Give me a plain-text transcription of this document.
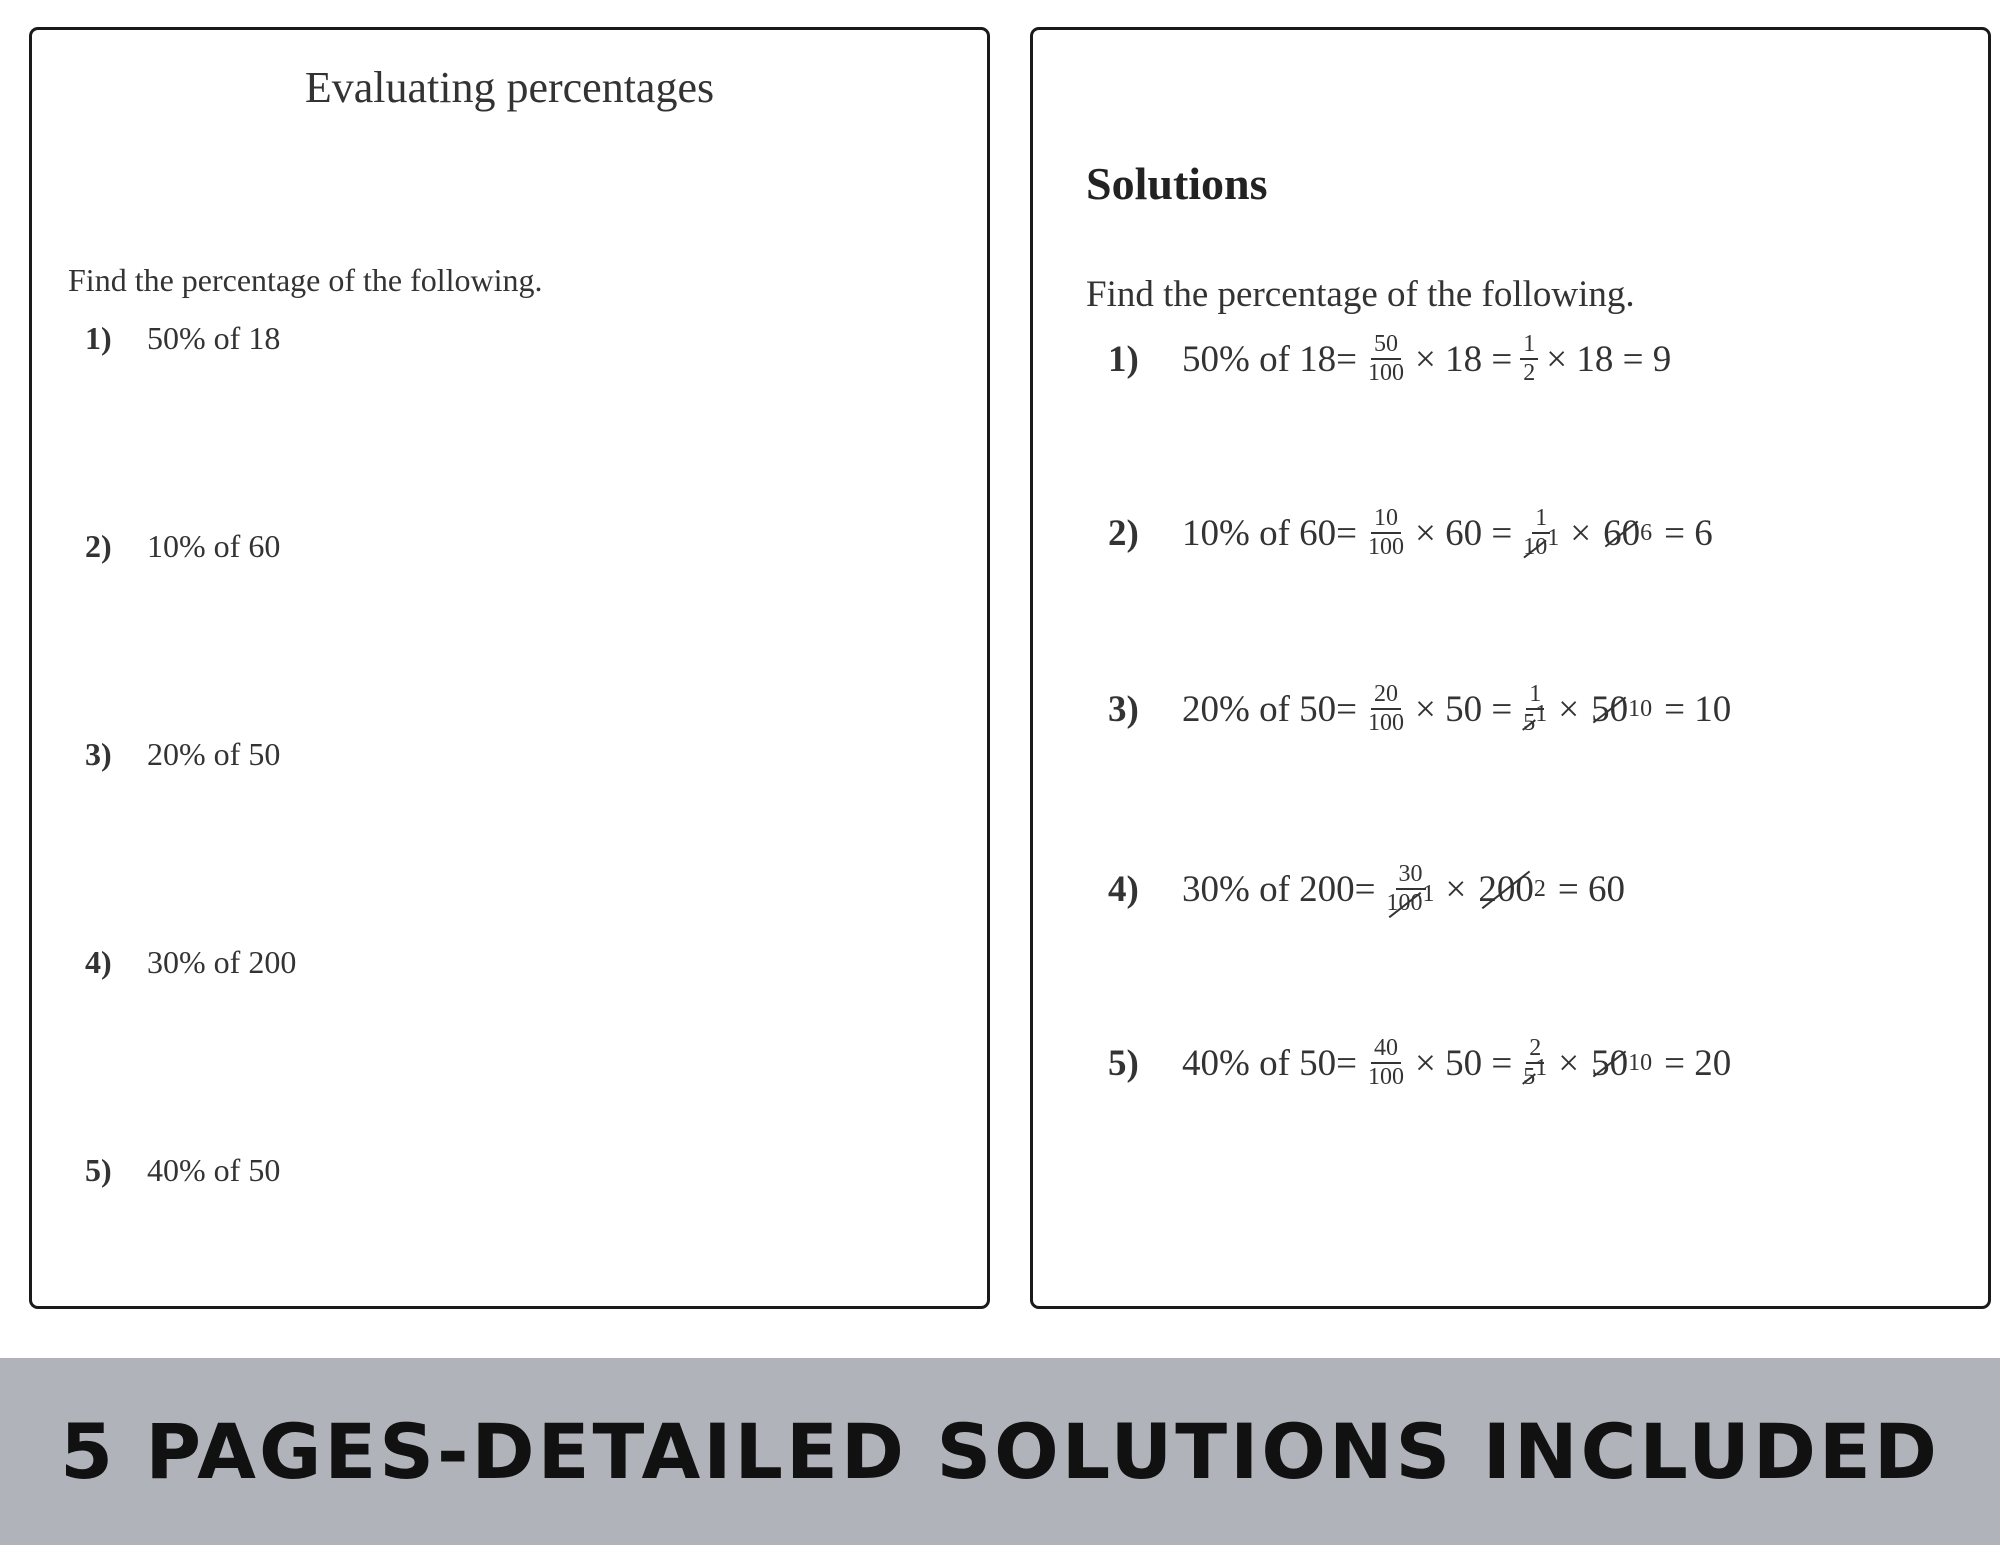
Evaluating percentages
Find the percentage of the following.
1) 50% of 18
2) 10% of 60
3) 20% of 50
4) 30% of 200
5) 40% of 50
Solutions
Find the percentage of the following.
1)	50% of $18= \frac{50}{100} \times 18 = \frac{1}{2} \times 18 = 9$
2)	10% of $60= \frac{10}{100} \times 60 = \frac{1}{101} \times 60$ 6 = 6
3)	20% of $50= \frac{20}{100} \times 50 = \frac{1}{51} \times 50$ 10 = 10
4)	30% of $200= \frac{30}{1001} \times 200$ 2 = 60
5)	40% of $50= \frac{40}{100} \times 50 = \frac{2}{51} \times 50$ 10 = 20
5 PAGES-DETAILED SOLUTIONS INCLUDED
